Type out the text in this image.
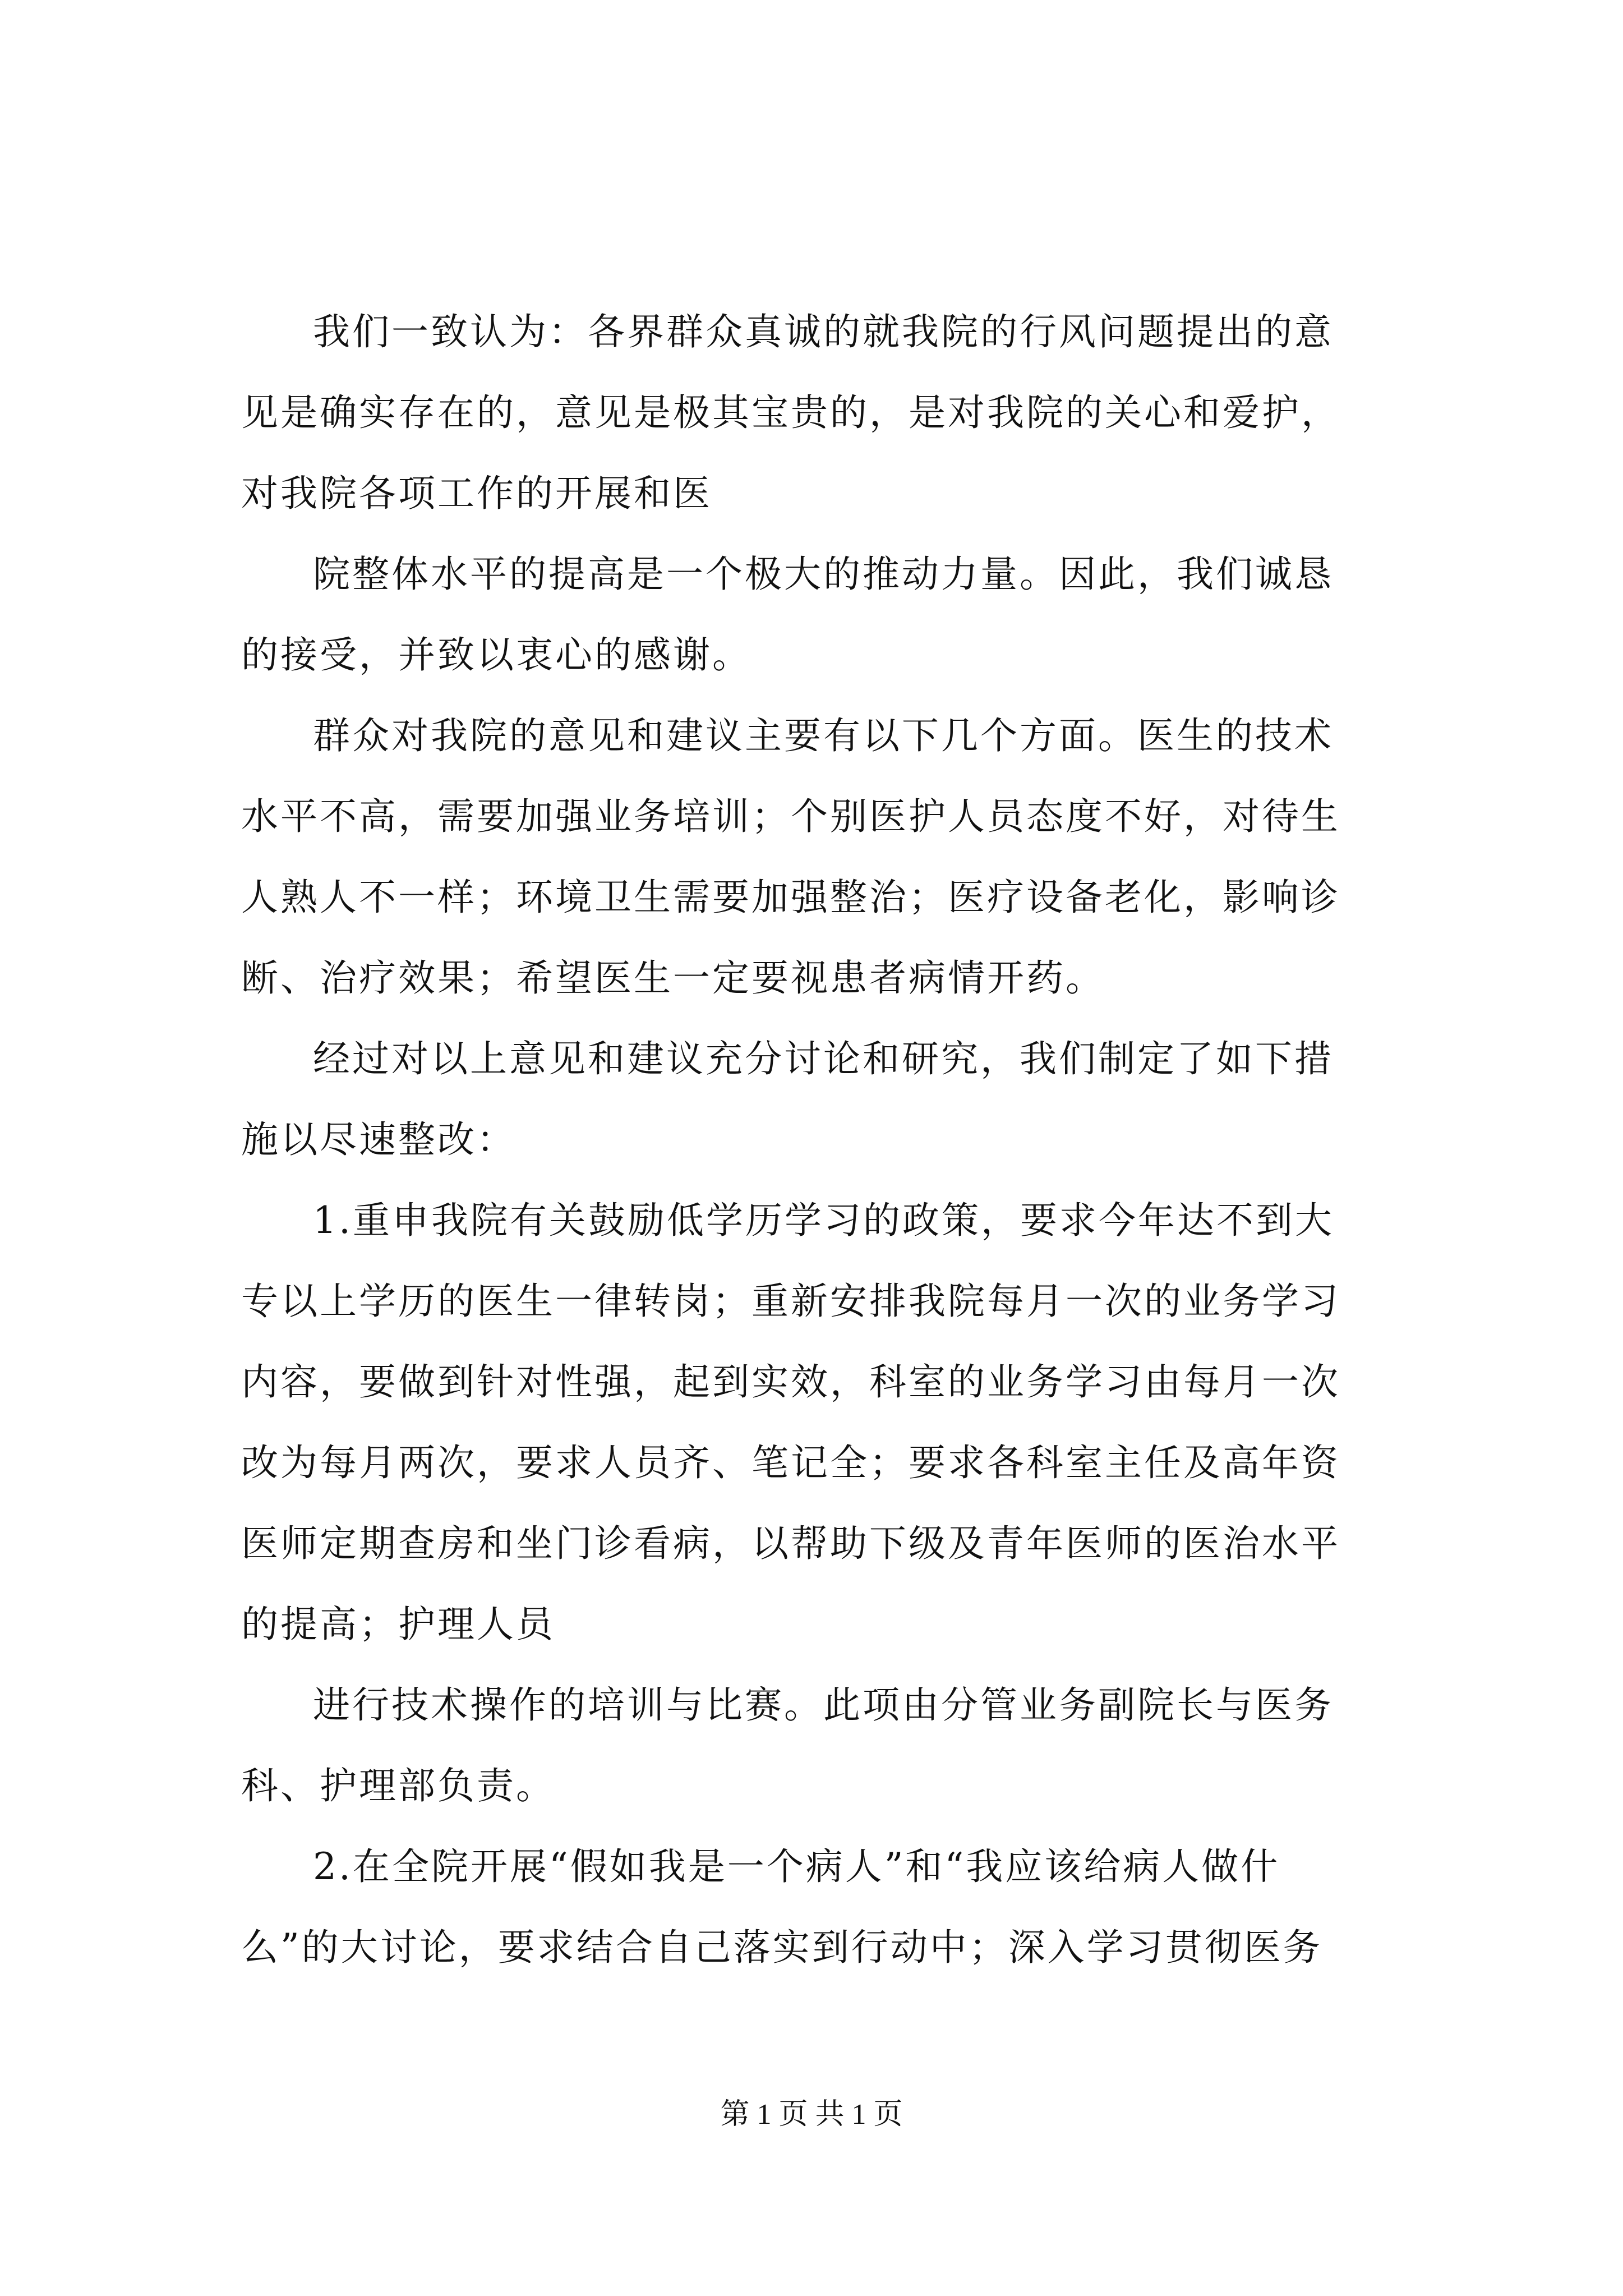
我们一致认为：各界群众真诚的就我院的行风问题提出的意
见是确实存在的，意见是极其宝贵的，是对我院的关心和爱护，
对我院各项工作的开展和医

院整体水平的提高是一个极大的推动力量。因此，我们诚恳
的接受，并致以衷心的感谢。

群众对我院的意见和建议主要有以下几个方面。医生的技术
水平不高，需要加强业务培训；个别医护人员态度不好，对待生
人熟人不一样；环境卫生需要加强整治；医疗设备老化，影响诊
断、治疗效果；希望医生一定要视患者病情开药。

经过对以上意见和建议充分讨论和研究，我们制定了如下措
施以尽速整改：

1.重申我院有关鼓励低学历学习的政策，要求今年达不到大
专以上学历的医生一律转岗；重新安排我院每月一次的业务学习
内容，要做到针对性强，起到实效，科室的业务学习由每月一次
改为每月两次，要求人员齐、笔记全；要求各科室主任及高年资
医师定期查房和坐门诊看病，以帮助下级及青年医师的医治水平
的提高；护理人员

进行技术操作的培训与比赛。此项由分管业务副院长与医务
科、护理部负责。

2.在全院开展“假如我是一个病人”和“我应该给病人做什
么”的大讨论，要求结合自己落实到行动中；深入学习贯彻医务

第 1 页 共 1 页
